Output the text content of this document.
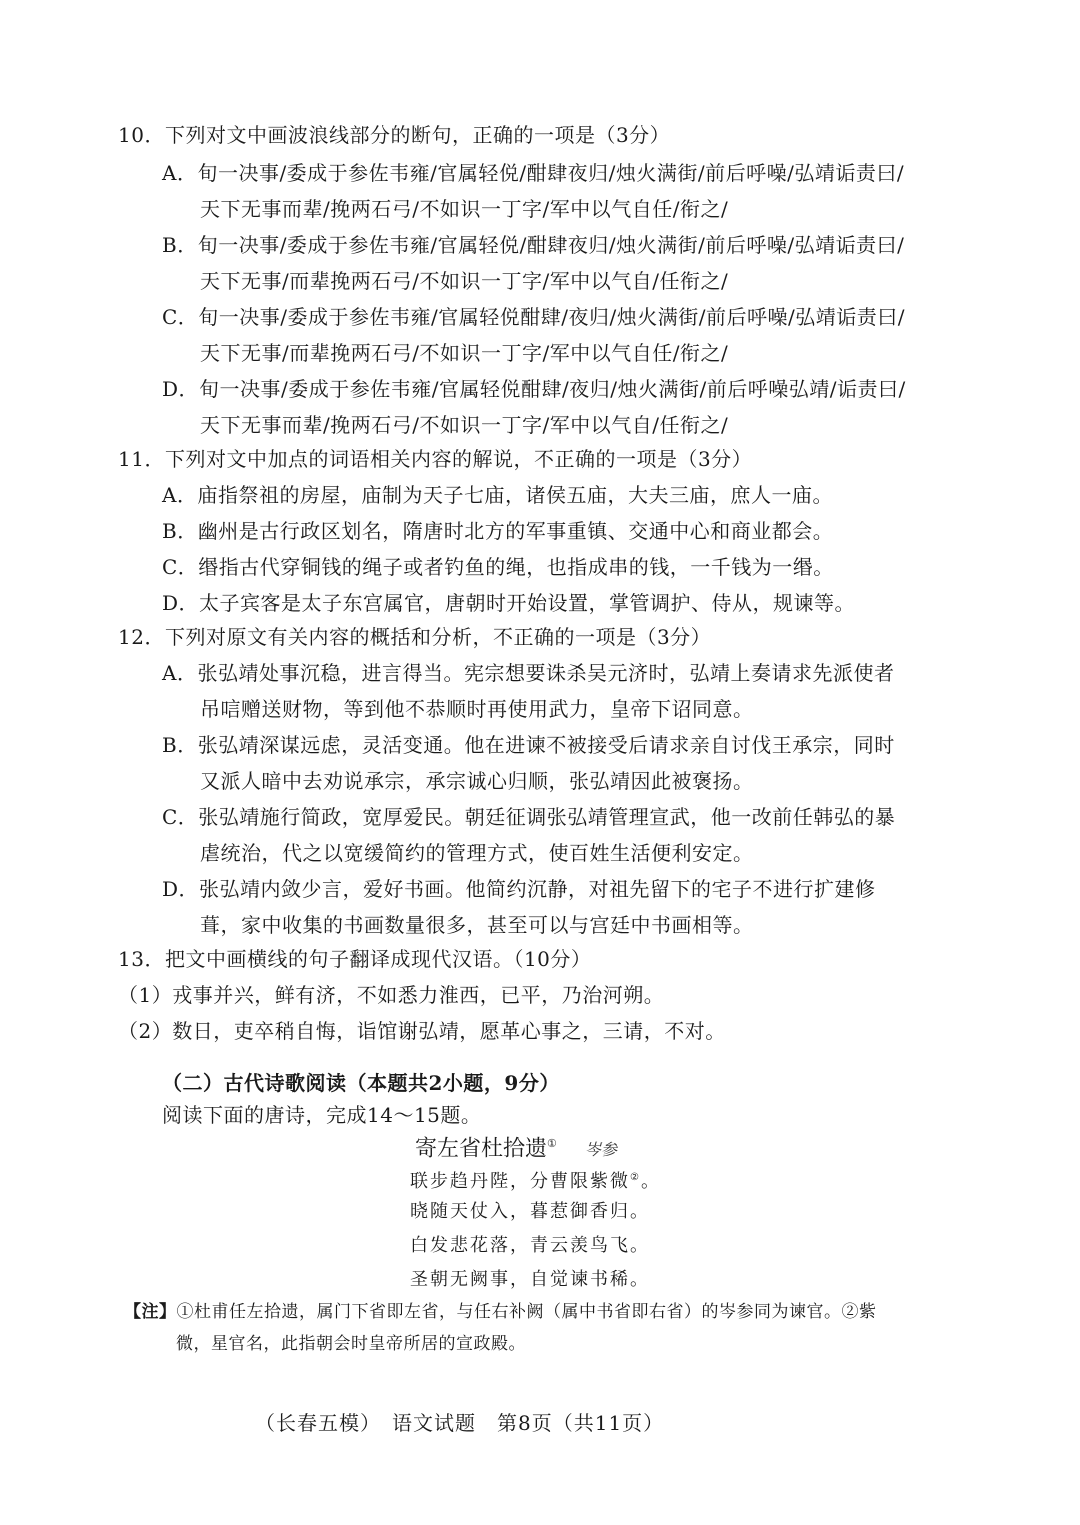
10．下列对文中画波浪线部分的断句，正确的一项是（3分）
A．旬一决事/委成于参佐韦雍/官属轻侻/酣肆夜归/烛火满街/前后呼噪/弘靖诟责曰/
天下无事而辈/挽两石弓/不如识一丁字/军中以气自任/衔之/
B．旬一决事/委成于参佐韦雍/官属轻侻/酣肆夜归/烛火满街/前后呼噪/弘靖诟责曰/
天下无事/而辈挽两石弓/不如识一丁字/军中以气自/任衔之/
C．旬一决事/委成于参佐韦雍/官属轻侻酣肆/夜归/烛火满街/前后呼噪/弘靖诟责曰/
天下无事/而辈挽两石弓/不如识一丁字/军中以气自任/衔之/
D．旬一决事/委成于参佐韦雍/官属轻侻酣肆/夜归/烛火满街/前后呼噪弘靖/诟责曰/
天下无事而辈/挽两石弓/不如识一丁字/军中以气自/任衔之/
11．下列对文中加点的词语相关内容的解说，不正确的一项是（3分）
A．庙指祭祖的房屋，庙制为天子七庙，诸侯五庙，大夫三庙，庶人一庙。
B．幽州是古行政区划名，隋唐时北方的军事重镇、交通中心和商业都会。
C．缗指古代穿铜钱的绳子或者钓鱼的绳，也指成串的钱，一千钱为一缗。
D．太子宾客是太子东宫属官，唐朝时开始设置，掌管调护、侍从，规谏等。
12．下列对原文有关内容的概括和分析，不正确的一项是（3分）
A．张弘靖处事沉稳，进言得当。宪宗想要诛杀吴元济时，弘靖上奏请求先派使者
吊唁赠送财物，等到他不恭顺时再使用武力，皇帝下诏同意。
B．张弘靖深谋远虑，灵活变通。他在进谏不被接受后请求亲自讨伐王承宗，同时
又派人暗中去劝说承宗，承宗诚心归顺，张弘靖因此被褒扬。
C．张弘靖施行简政，宽厚爱民。朝廷征调张弘靖管理宣武，他一改前任韩弘的暴
虐统治，代之以宽缓简约的管理方式，使百姓生活便利安定。
D．张弘靖内敛少言，爱好书画。他简约沉静，对祖先留下的宅子不进行扩建修
葺，家中收集的书画数量很多，甚至可以与宫廷中书画相等。
13．把文中画横线的句子翻译成现代汉语。（10分）
（1）戎事并兴，鲜有济，不如悉力淮西，已平，乃治河朔。
（2）数日，吏卒稍自悔，诣馆谢弘靖，愿革心事之，三请，不对。
（二）古代诗歌阅读（本题共2小题，9分）
阅读下面的唐诗，完成14～15题。
寄左省杜拾遗① 岑参
联步趋丹陛，分曹限紫微②。
晓随天仗入，暮惹御香归。
白发悲花落，青云羡鸟飞。
圣朝无阙事，自觉谏书稀。
【注】①杜甫任左拾遗，属门下省即左省，与任右补阙（属中书省即右省）的岑参同为谏官。②紫
微，星官名，此指朝会时皇帝所居的宣政殿。
（长春五模）　语文试题　第8页（共11页）
